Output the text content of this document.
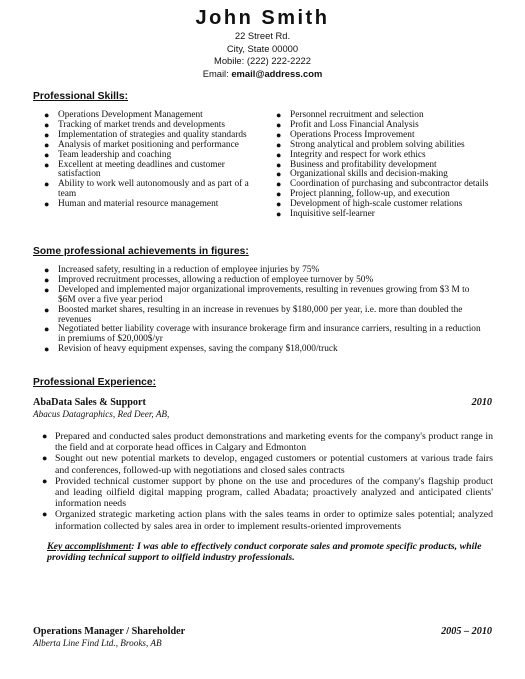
John Smith
22 Street Rd.
City, State 00000
Mobile: (222) 222-2222
Email: email@address.com
Professional Skills:
● Operations Development Management
● Tracking of market trends and developments
● Implementation of strategies and quality standards
● Analysis of market positioning and performance
● Team leadership and coaching
● Excellent at meeting deadlines and customer satisfaction
● Ability to work well autonomously and as part of a team
● Human and material resource management
● Personnel recruitment and selection
● Profit and Loss Financial Analysis
● Operations Process Improvement
● Strong analytical and problem solving abilities
● Integrity and respect for work ethics
● Business and profitability development
● Organizational skills and decision-making
● Coordination of purchasing and subcontractor details
● Project planning, follow-up, and execution
● Development of high-scale customer relations
● Inquisitive self-learner
Some professional achievements in figures:
● Increased safety, resulting in a reduction of employee injuries by 75%
● Improved recruitment processes, allowing a reduction of employee turnover by 50%
● Developed and implemented major organizational improvements, resulting in revenues growing from $3 M to $6M over a five year period
● Boosted market shares, resulting in an increase in revenues by $180,000 per year, i.e. more than doubled the revenues
● Negotiated better liability coverage with insurance brokerage firm and insurance carriers, resulting in a reduction in premiums of $20,000$/yr
● Revision of heavy equipment expenses, saving the company $18,000/truck
Professional Experience:
AbaData Sales & Support	2010
Abacus Datagraphics, Red Deer, AB,
● Prepared and conducted sales product demonstrations and marketing events for the company's product range in the field and at corporate head offices in Calgary and Edmonton
● Sought out new potential markets to develop, engaged customers or potential customers at various trade fairs and conferences, followed-up with negotiations and closed sales contracts
● Provided technical customer support by phone on the use and procedures of the company's flagship product and leading oilfield digital mapping program, called Abadata; proactively analyzed and anticipated clients' information needs
● Organized strategic marketing action plans with the sales teams in order to optimize sales potential; analyzed information collected by sales area in order to implement results-oriented improvements
Key accomplishment: I was able to effectively conduct corporate sales and promote specific products, while providing technical support to oilfield industry professionals.
Operations Manager / Shareholder	2005 – 2010
Alberta Line Find Ltd., Brooks, AB
